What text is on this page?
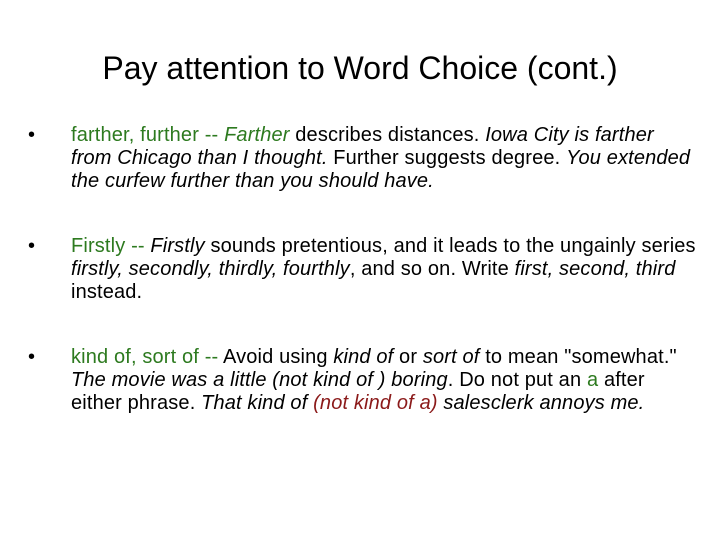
Pay attention to Word Choice (cont.)
•	farther, further -- Farther describes distances. Iowa City is farther from Chicago than I thought. Further suggests degree. You extended the curfew further than you should have.
•	Firstly -- Firstly sounds pretentious, and it leads to the ungainly series firstly, secondly, thirdly, fourthly, and so on. Write first, second, third instead.
•	kind of, sort of -- Avoid using kind of or sort of to mean "somewhat." The movie was a little (not kind of ) boring. Do not put an a after either phrase. That kind of (not kind of a) salesclerk annoys me.
